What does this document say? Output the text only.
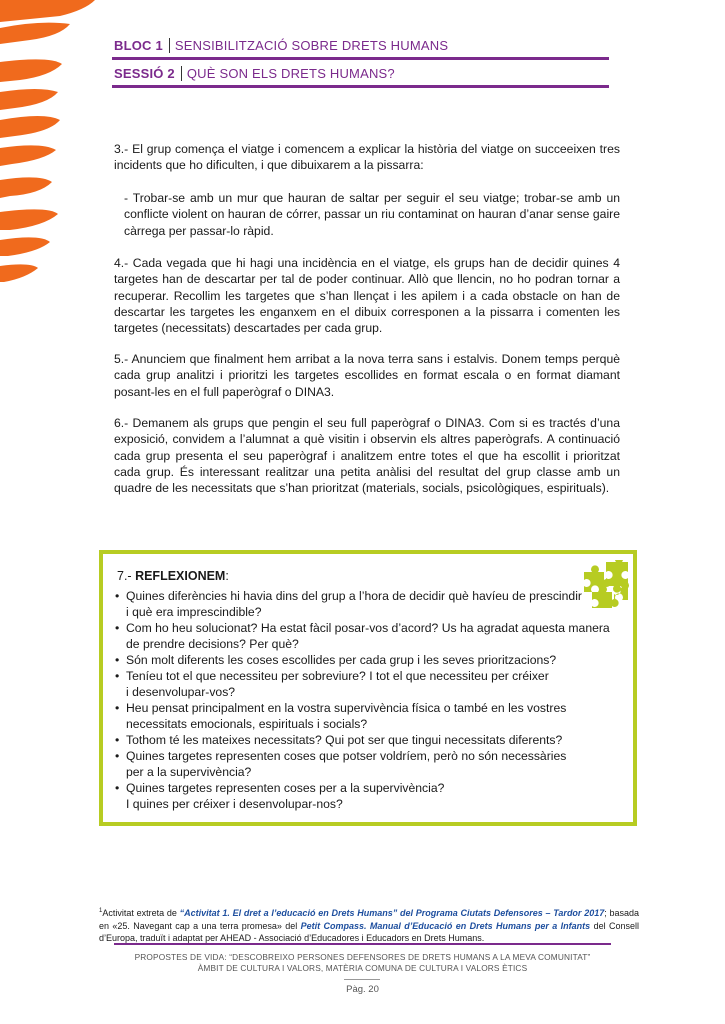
BLOC 1 SENSIBILITZACIÓ SOBRE DRETS HUMANS
SESSIÓ 2 QUÈ SON ELS DRETS HUMANS?

3.- El grup comença el viatge i comencem a explicar la història del viatge on succeeixen tres incidents que ho dificulten, i que dibuixarem a la pissarra:

- Trobar-se amb un mur que hauran de saltar per seguir el seu viatge; trobar-se amb un conflicte violent on hauran de córrer, passar un riu contaminat on hauran d’anar sense gaire càrrega per passar-lo ràpid.

4.- Cada vegada que hi hagi una incidència en el viatge, els grups han de decidir quines 4 targetes han de descartar per tal de poder continuar. Allò que llencin, no ho podran tornar a recuperar. Recollim les targetes que s’han llençat i les apilem i a cada obstacle on han de descartar les targetes les enganxem en el dibuix corresponen a la pissarra i comenten les targetes (necessitats) descartades per cada grup.

5.- Anunciem que finalment hem arribat a la nova terra sans i estalvis. Donem temps perquè cada grup analitzi i prioritzi les targetes escollides en format escala o en format diamant posant-les en el full paperògraf o DINA3.

6.- Demanem als grups que pengin el seu full paperògraf o DINA3. Com si es tractés d’una exposició, convidem a l’alumnat a què visitin i observin els altres paperògrafs. A continuació cada grup presenta el seu paperògraf i analitzem entre totes el que ha escollit i prioritzat cada grup. És interessant realitzar una petita anàlisi del resultat del grup classe amb un quadre de les necessitats que s’han prioritzat (materials, socials, psicològiques, espirituals).

7.- REFLEXIONEM:
• Quines diferències hi havia dins del grup a l’hora de decidir què havíeu de prescindir
i què era imprescindible?
• Com ho heu solucionat? Ha estat fàcil posar-vos d’acord? Us ha agradat aquesta manera
de prendre decisions? Per què?
• Són molt diferents les coses escollides per cada grup i les seves prioritzacions?
• Teníeu tot el que necessiteu per sobreviure? I tot el que necessiteu per créixer
i desenvolupar-vos?
• Heu pensat principalment en la vostra supervivència física o també en les vostres
necessitats emocionals, espirituals i socials?
• Tothom té les mateixes necessitats? Qui pot ser que tingui necessitats diferents?
• Quines targetes representen coses que potser voldríem, però no són necessàries
per a la supervivència?
• Quines targetes representen coses per a la supervivència?
I quines per créixer i desenvolupar-nos?
$^1$Activitat extreta de “Activitat 1. El dret a l’educació en Drets Humans” del Programa Ciutats Defensores – Tardor 2017; basada en «25. Navegant cap a una terra promesa» del Petit Compass. Manual d’Educació en Drets Humans per a Infants del Consell d’Europa, traduït i adaptat per AHEAD - Associació d’Educadores i Educadors en Drets Humans.
PROPOSTES DE VIDA: “DESCOBREIXO PERSONES DEFENSORES DE DRETS HUMANS A LA MEVA COMUNITAT”
ÀMBIT DE CULTURA I VALORS, MATÈRIA COMUNA DE CULTURA I VALORS ÈTICS
Pàg. 20
